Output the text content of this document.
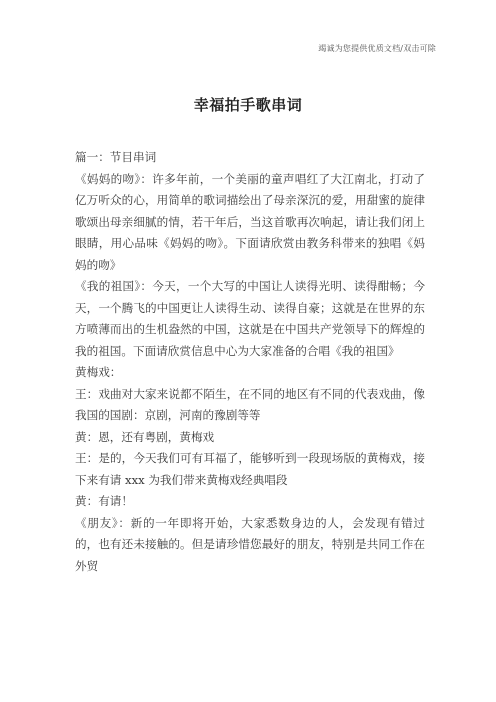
竭诚为您提供优质文档/双击可除
幸福拍手歌串词

篇一：节目串词

《妈妈的吻》：许多年前，一个美丽的童声唱红了大江南北，打动了亿万听众的心，用简单的歌词描绘出了母亲深沉的爱，用甜蜜的旋律歌颂出母亲细腻的情，若干年后，当这首歌再次响起，请让我们闭上眼睛，用心品味《妈妈的吻》。下面请欣赏由教务科带来的独唱《妈妈的吻》

《我的祖国》：今天，一个大写的中国让人读得光明、读得酣畅；今天，一个腾飞的中国更让人读得生动、读得自豪；这就是在世界的东方喷薄而出的生机盎然的中国，这就是在中国共产党领导下的辉煌的我的祖国。下面请欣赏信息中心为大家准备的合唱《我的祖国》

黄梅戏：

王：戏曲对大家来说都不陌生，在不同的地区有不同的代表戏曲，像我国的国剧：京剧，河南的豫剧等等

黄：恩，还有粤剧，黄梅戏

王：是的，今天我们可有耳福了，能够听到一段现场版的黄梅戏，接下来有请 xxx 为我们带来黄梅戏经典唱段

黄：有请！

《朋友》：新的一年即将开始，大家悉数身边的人，会发现有错过的，也有还未接触的。但是请珍惜您最好的朋友，特别是共同工作在外贸
